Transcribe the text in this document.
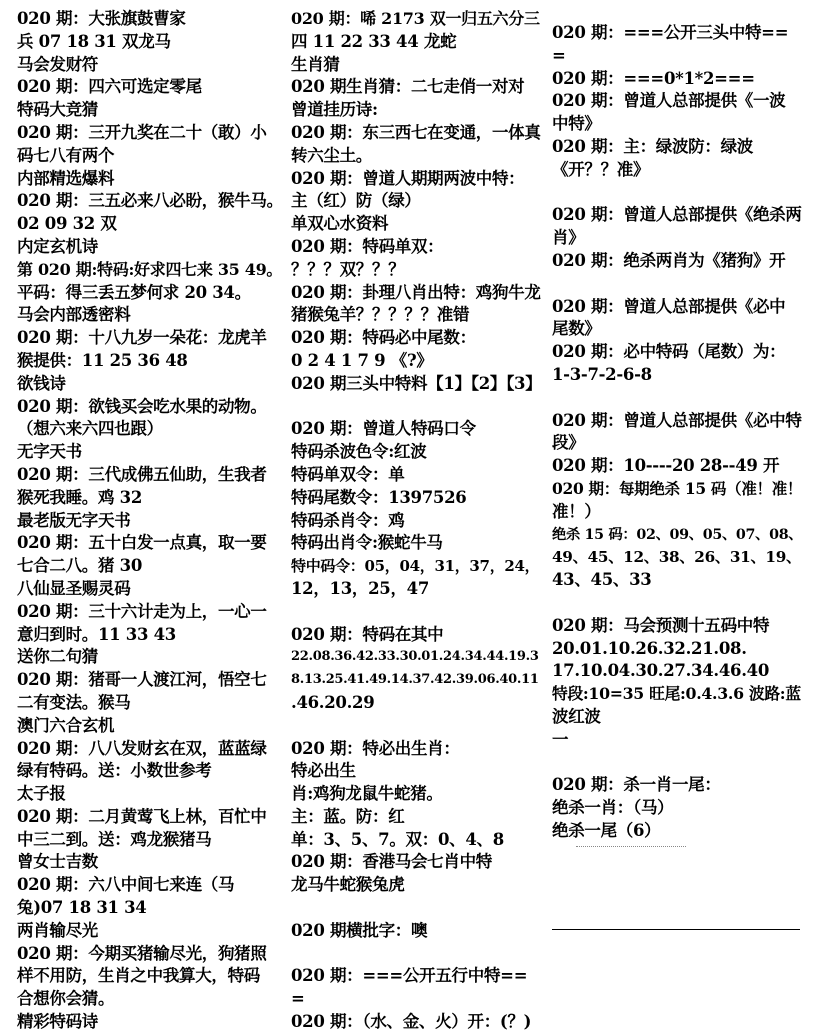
020 期：大张旗鼓曹家
兵 07 18 31 双龙马
马会发财符
020 期：四六可选定零尾
特码大竞猜
020 期：三开九奖在二十（敢）小
码七八有两个
内部精选爆料
020 期：三五必来八必盼，猴牛马。
02 09 32 双
内定玄机诗
第 020 期:特码:好求四七来 35 49。
平码：得三丢五梦何求 20 34。
马会内部透密料
020 期：十八九岁一朵花：龙虎羊
猴提供：11 25 36 48
欲钱诗
020 期：欲钱买会吃水果的动物。
（想六来六四也跟）
无字天书
020 期：三代成佛五仙助，生我者
猴死我睡。鸡 32
最老版无字天书
020 期：五十白发一点真，取一要
七合二八。猪 30
八仙显圣赐灵码
020 期：三十六计走为上，一心一
意归到时。11 33 43
送你二句猜
020 期：猪哥一人渡江河，悟空七
二有变法。猴马
澳门六合玄机
020 期：八八发财玄在双，蓝蓝绿
绿有特码。送：小数世参考
太子报
020 期：二月黄莺飞上林，百忙中
中三二到。送：鸡龙猴猪马
曾女士吉数
020 期：六八中间七来连（马
兔)07 18 31 34
两肖输尽光
020 期：今期买猪输尽光，狗猪照
样不用防，生肖之中我算大，特码
合想你会猜。
精彩特码诗
020 期：唏 2173 双一归五六分三
四 11 22 33 44 龙蛇
生肖猜
020 期生肖猜：二七走俏一对对
曾道挂历诗:
020 期：东三西七在变通，一体真
转六尘土。
020 期：曾道人期期两波中特：
主（红）防（绿）
单双心水资料
020 期：特码单双：
？？？双？？？
020 期：卦理八肖出特：鸡狗牛龙
猪猴兔羊？？？？？准错
020 期：特码必中尾数：
0 2 4 1 7 9 《?》
020 期三头中特料【1】【2】【3】
020 期：曾道人特码口令
特码杀波色令:红波
特码单双令：单
特码尾数令：1397526
特码杀肖令：鸡
特码出肖令:猴蛇牛马
特中码令：05，04，31，37，24，
12，13，25，47
020 期：特码在其中
22.08.36.42.33.30.01.24.34.44.19.3
8.13.25.41.49.14.37.42.39.06.40.11
.46.20.29
020 期：特必出生肖：
特必出生
肖:鸡狗龙鼠牛蛇猪。
主：蓝。防：红
单：3、5、7。双：0、4、8
020 期：香港马会七肖中特
龙马牛蛇猴兔虎
020 期横批字：噢
020 期：===公开五行中特==
=
020 期：（水、金、火）开：(？)
020 期：===公开三头中特==
=
020 期：===0*1*2===
020 期：曾道人总部提供《一波
中特》
020 期：主：绿波防：绿波
《开？？准》
020 期：曾道人总部提供《绝杀两
肖》
020 期：绝杀两肖为《猪狗》开
020 期：曾道人总部提供《必中
尾数》
020 期：必中特码（尾数）为：
1-3-7-2-6-8
020 期：曾道人总部提供《必中特
段》
020 期：10----20 28--49 开
020 期：每期绝杀 15 码（准！准！
准！）
绝杀 15 码：02、09、05、07、08、
49、45、12、38、26、31、19、
43、45、33
020 期：马会预测十五码中特
20.01.10.26.32.21.08.
17.10.04.30.27.34.46.40
特段:10=35 旺尾:0.4.3.6 波路:蓝
波红波
一
020 期：杀一肖一尾：
绝杀一肖：（马）
绝杀一尾（6）
